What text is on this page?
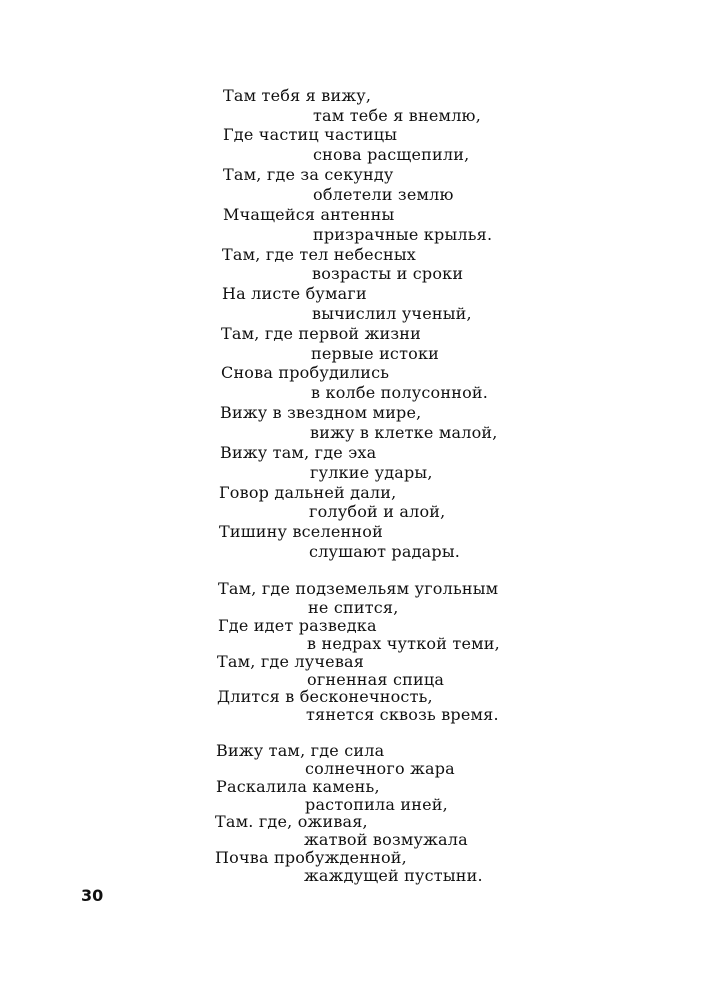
Там тебя я вижу,
там тебе я внемлю,
Где частиц частицы
снова расщепили,
Там, где за секунду
облетели землю
Мчащейся антенны
призрачные крылья.
Там, где тел небесных
возрасты и сроки
На листе бумаги
вычислил ученый,
Там, где первой жизни
первые истоки
Снова пробудились
в колбе полусонной.
Вижу в звездном мире,
вижу в клетке малой,
Вижу там, где эха
гулкие удары,
Говор дальней дали,
голубой и алой,
Тишину вселенной
слушают радары.
Там, где подземельям угольным
не спится,
Где идет разведка
в недрах чуткой теми,
Там, где лучевая
огненная спица
Длится в бесконечность,
тянется сквозь время.
Вижу там, где сила
солнечного жара
Раскалила камень,
растопила иней,
Там. где, оживая,
жатвой возмужала
Почва пробужденной,
жаждущей пустыни.
30
